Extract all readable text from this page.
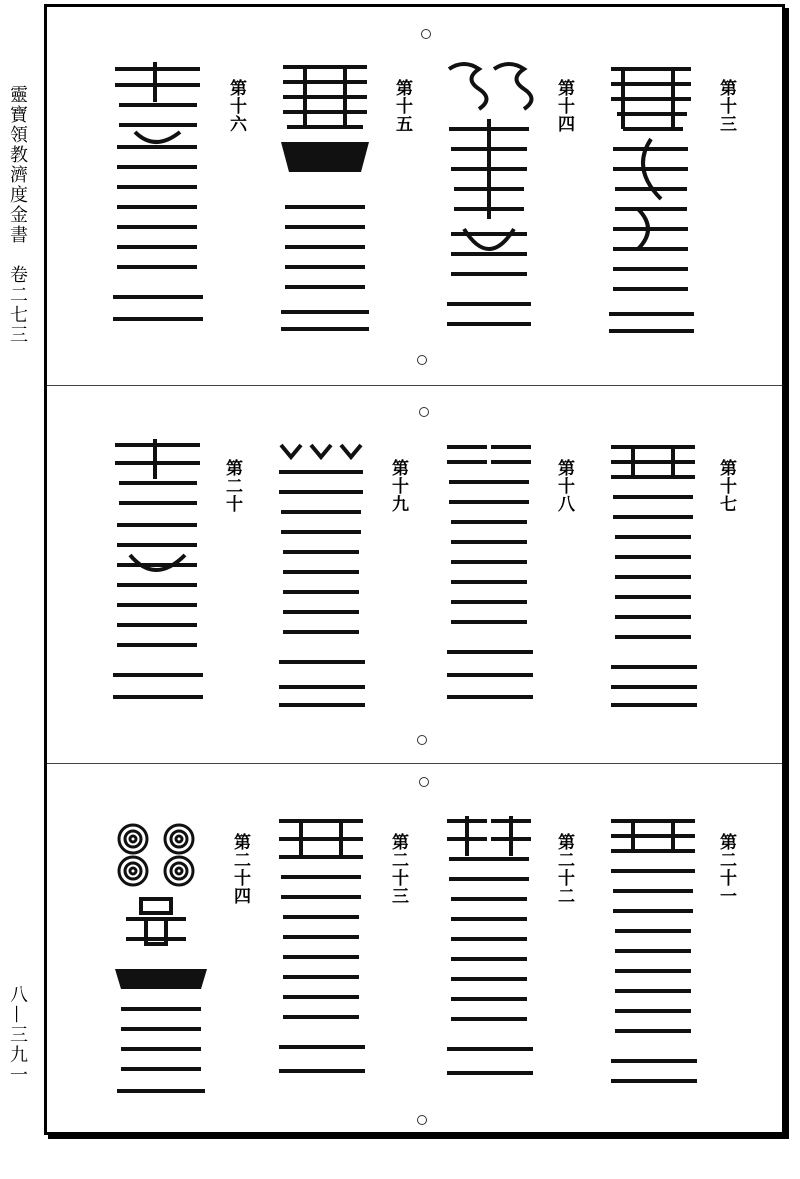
靈寶領教濟度金書　卷二七三
八—三九一
第十三
第十四
第十五
第十六
第十七
第十八
第十九
第二十
第二十一
第二十二
第二十三
第二十四
